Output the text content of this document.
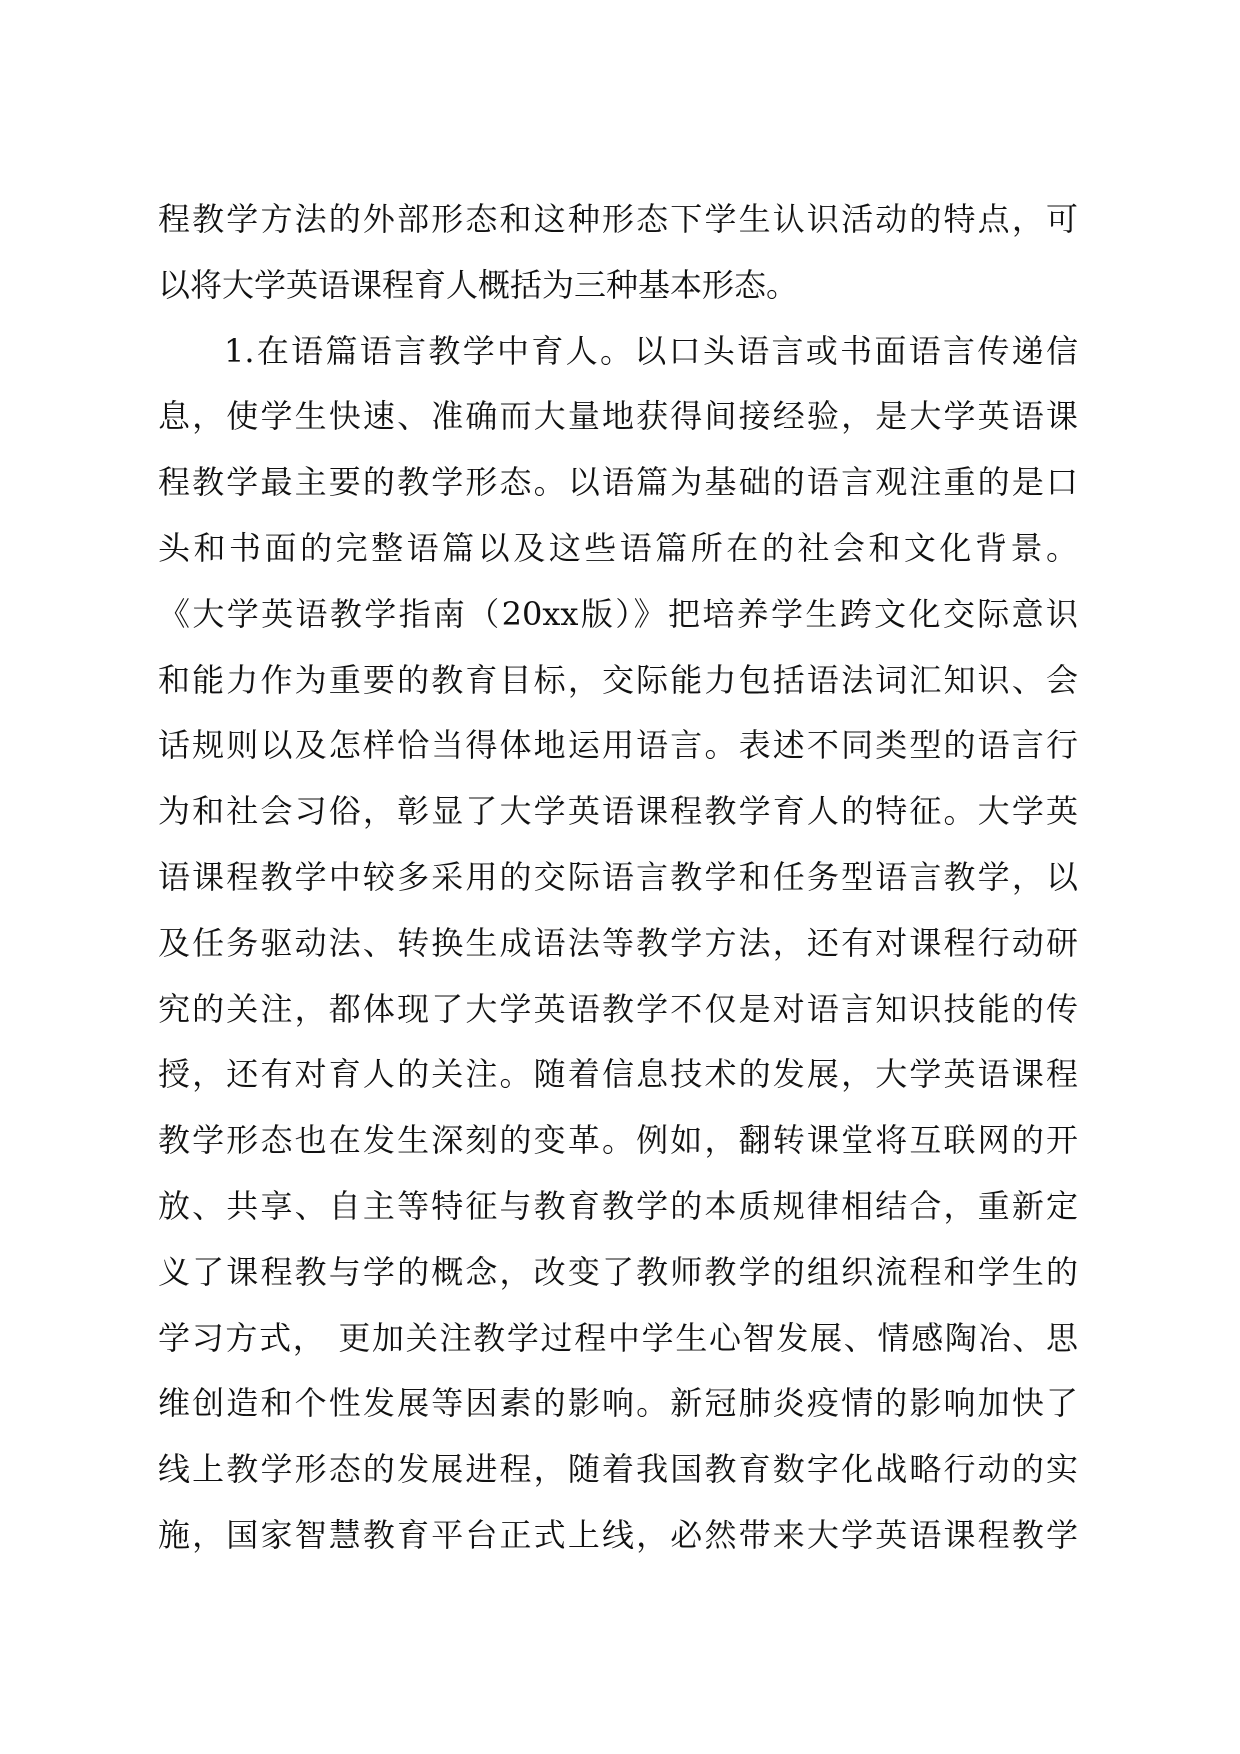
程教学方法的外部形态和这种形态下学生认识活动的特点，可
以将大学英语课程育人概括为三种基本形态。
1.在语篇语言教学中育人。以口头语言或书面语言传递信
息，使学生快速、准确而大量地获得间接经验，是大学英语课
程教学最主要的教学形态。以语篇为基础的语言观注重的是口
头和书面的完整语篇以及这些语篇所在的社会和文化背景。
《大学英语教学指南（20xx版）》把培养学生跨文化交际意识
和能力作为重要的教育目标，交际能力包括语法词汇知识、会
话规则以及怎样恰当得体地运用语言。表述不同类型的语言行
为和社会习俗，彰显了大学英语课程教学育人的特征。大学英
语课程教学中较多采用的交际语言教学和任务型语言教学，以
及任务驱动法、转换生成语法等教学方法，还有对课程行动研
究的关注，都体现了大学英语教学不仅是对语言知识技能的传
授，还有对育人的关注。随着信息技术的发展，大学英语课程
教学形态也在发生深刻的变革。例如，翻转课堂将互联网的开
放、共享、自主等特征与教育教学的本质规律相结合，重新定
义了课程教与学的概念，改变了教师教学的组织流程和学生的
学习方式， 更加关注教学过程中学生心智发展、情感陶冶、思
维创造和个性发展等因素的影响。新冠肺炎疫情的影响加快了
线上教学形态的发展进程，随着我国教育数字化战略行动的实
施，国家智慧教育平台正式上线，必然带来大学英语课程教学
